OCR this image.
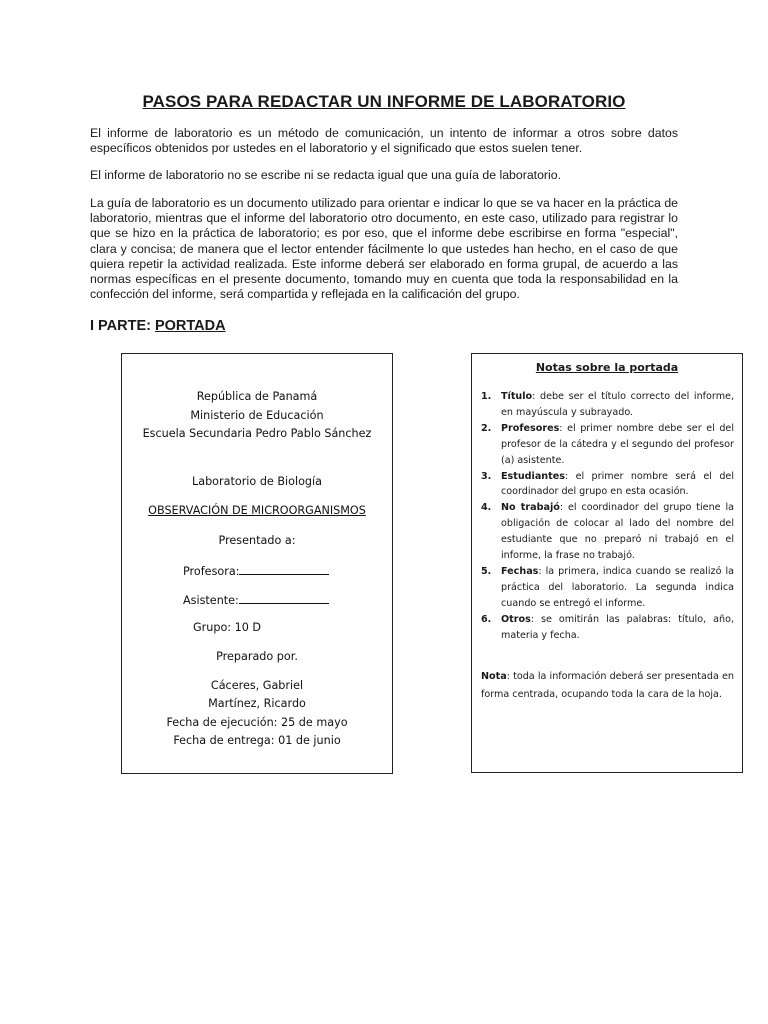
PASOS PARA REDACTAR UN INFORME DE LABORATORIO

El informe de laboratorio es un método de comunicación, un intento de informar a otros sobre datos específicos obtenidos por ustedes en el laboratorio y el significado que estos suelen tener.

El informe de laboratorio no se escribe ni se redacta igual que una guía de laboratorio.

La guía de laboratorio es un documento utilizado para orientar e indicar lo que se va hacer en la práctica de laboratorio, mientras que el informe del laboratorio otro documento, en este caso, utilizado para registrar lo que se hizo en la práctica de laboratorio; es por eso, que el informe debe escribirse en forma "especial", clara y concisa; de manera que el lector entender fácilmente lo que ustedes han hecho, en el caso de que quiera repetir la actividad realizada. Este informe deberá ser elaborado en forma grupal, de acuerdo a las normas específicas en el presente documento, tomando muy en cuenta que toda la responsabilidad en la confección del informe, será compartida y reflejada en la calificación del grupo.

I PARTE: PORTADA
República de Panamá
Ministerio de Educación
Escuela Secundaria Pedro Pablo Sánchez
Laboratorio de Biología
OBSERVACIÓN DE MICROORGANISMOS
Presentado a:
Profesora:
Asistente:
Grupo: 10 D
Preparado por.
Cáceres, Gabriel
Martínez, Ricardo
Fecha de ejecución: 25 de mayo
Fecha de entrega: 01 de junio
Notas sobre la portada
1. Título: debe ser el título correcto del informe, en mayúscula y subrayado.
2. Profesores: el primer nombre debe ser el del profesor de la cátedra y el segundo del profesor (a) asistente.
3. Estudiantes: el primer nombre será el del coordinador del grupo en esta ocasión.
4. No trabajó: el coordinador del grupo tiene la obligación de colocar al lado del nombre del estudiante que no preparó ni trabajó en el informe, la frase no trabajó.
5. Fechas: la primera, indica cuando se realizó la práctica del laboratorio. La segunda indica cuando se entregó el informe.
6. Otros: se omitirán las palabras: título, año, materia y fecha.

Nota: toda la información deberá ser presentada en forma centrada, ocupando toda la cara de la hoja.
